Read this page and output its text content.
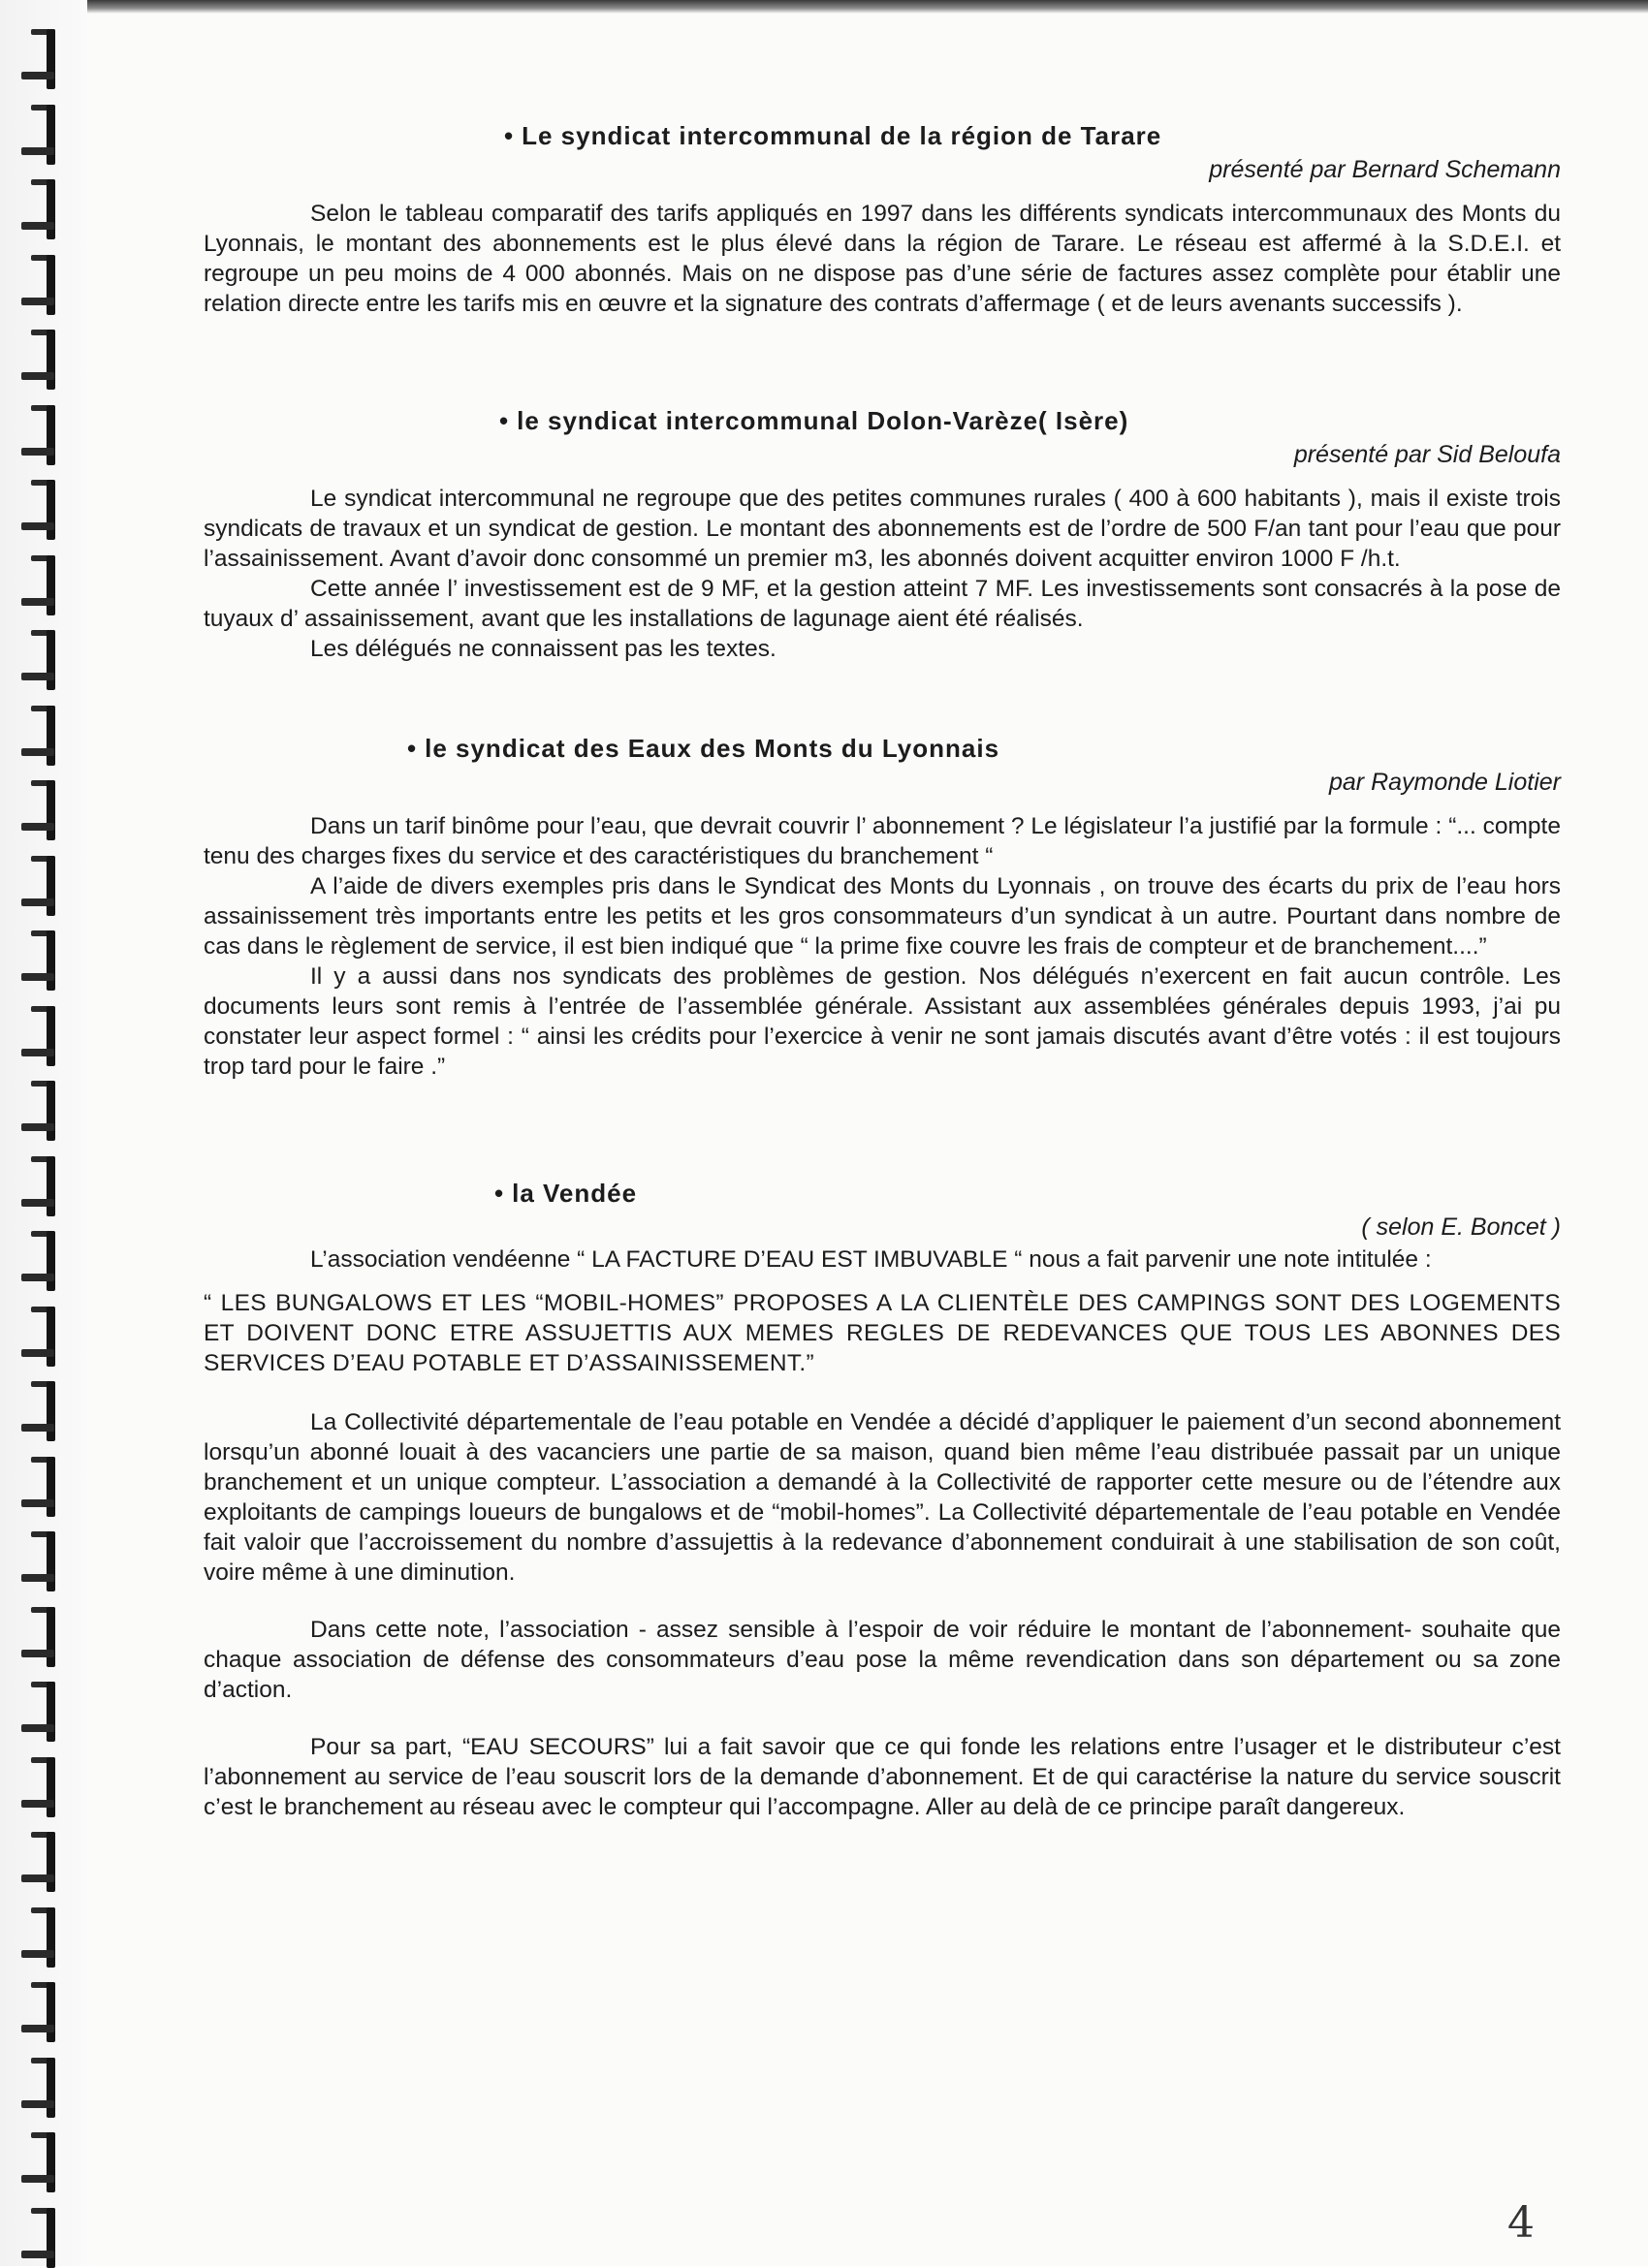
• Le syndicat intercommunal de la région de Tarare
présenté par Bernard Schemann

Selon le tableau comparatif des tarifs appliqués en 1997 dans les différents syndicats intercommunaux des Monts du Lyonnais, le montant des abonnements est le plus élevé dans la région de Tarare. Le réseau est affermé à la S.D.E.I. et regroupe un peu moins de 4 000 abonnés. Mais on ne dispose pas d’une série de factures assez complète pour établir une relation directe entre les tarifs mis en œuvre et la signature des contrats d’affermage ( et de leurs avenants successifs ).

• le syndicat intercommunal Dolon-Varèze( Isère)
présenté par Sid Beloufa

Le syndicat intercommunal ne regroupe que des petites communes rurales ( 400 à 600 habitants ), mais il existe trois syndicats de travaux et un syndicat de gestion. Le montant des abonnements est de l’ordre de 500 F/an tant pour l’eau que pour l’assainissement. Avant d’avoir donc consommé un premier m3, les abonnés doivent acquitter environ 1000 F /h.t.

Cette année l’ investissement est de 9 MF, et la gestion atteint 7 MF. Les investissements sont consacrés à la pose de tuyaux d’ assainissement, avant que les installations de lagunage aient été réalisés.

Les délégués ne connaissent pas les textes.

• le syndicat des Eaux des Monts du Lyonnais
par Raymonde Liotier

Dans un tarif binôme pour l’eau, que devrait couvrir l’ abonnement ? Le législateur l’a justifié par la formule : “... compte tenu des charges fixes du service et des caractéristiques du branchement “

A l’aide de divers exemples pris dans le Syndicat des Monts du Lyonnais , on trouve des écarts du prix de l’eau hors assainissement très importants entre les petits et les gros consommateurs d’un syndicat à un autre. Pourtant dans nombre de cas dans le règlement de service, il est bien indiqué que “ la prime fixe couvre les frais de compteur et de branchement....”

Il y a aussi dans nos syndicats des problèmes de gestion. Nos délégués n’exercent en fait aucun contrôle. Les documents leurs sont remis à l’entrée de l’assemblée générale. Assistant aux assemblées générales depuis 1993, j’ai pu constater leur aspect formel : “ ainsi les crédits pour l’exercice à venir ne sont jamais discutés avant d’être votés : il est toujours trop tard pour le faire .”

• la Vendée
( selon E. Boncet )

L’association vendéenne “ LA FACTURE D’EAU EST IMBUVABLE “ nous a fait parvenir une note intitulée :

“ LES BUNGALOWS ET LES “MOBIL-HOMES” PROPOSES A LA CLIENTÈLE DES CAMPINGS SONT DES LOGEMENTS ET DOIVENT DONC ETRE ASSUJETTIS AUX MEMES REGLES DE REDEVANCES QUE TOUS LES ABONNES DES SERVICES D’EAU POTABLE ET D’ASSAINISSEMENT.”

La Collectivité départementale de l’eau potable en Vendée a décidé d’appliquer le paiement d’un second abonnement lorsqu’un abonné louait à des vacanciers une partie de sa maison, quand bien même l’eau distribuée passait par un unique branchement et un unique compteur. L’association a demandé à la Collectivité de rapporter cette mesure ou de l’étendre aux exploitants de campings loueurs de bungalows et de “mobil-homes”. La Collectivité départementale de l’eau potable en Vendée fait valoir que l’accroissement du nombre d’assujettis à la redevance d’abonnement conduirait à une stabilisation de son coût, voire même à une diminution.

Dans cette note, l’association - assez sensible à l’espoir de voir réduire le montant de l’abonnement- souhaite que chaque association de défense des consommateurs d’eau pose la même revendication dans son département ou sa zone d’action.

Pour sa part, “EAU SECOURS” lui a fait savoir que ce qui fonde les relations entre l’usager et le distributeur c’est l’abonnement au service de l’eau souscrit lors de la demande d’abonnement. Et de qui caractérise la nature du service souscrit c’est le branchement au réseau avec le compteur qui l’accompagne. Aller au delà de ce principe paraît dangereux.

4
